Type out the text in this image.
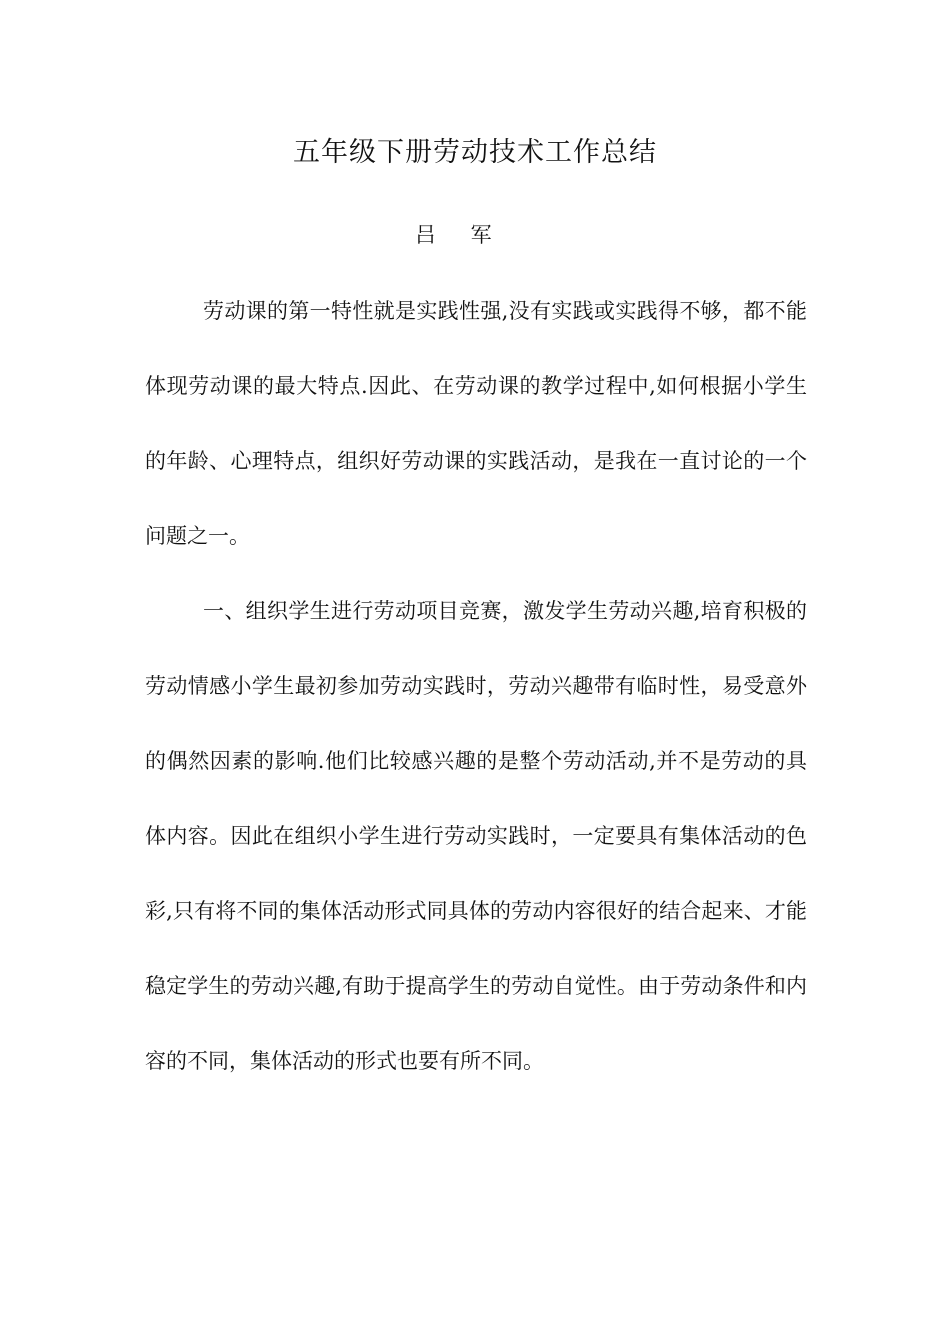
五年级下册劳动技术工作总结

吕 军

劳动课的第一特性就是实践性强,没有实践或实践得不够，都不能体现劳动课的最大特点.因此、在劳动课的教学过程中,如何根据小学生的年龄、心理特点，组织好劳动课的实践活动，是我在一直讨论的一个问题之一。

一、组织学生进行劳动项目竞赛，激发学生劳动兴趣,培育积极的劳动情感小学生最初参加劳动实践时，劳动兴趣带有临时性，易受意外的偶然因素的影响.他们比较感兴趣的是整个劳动活动,并不是劳动的具体内容。因此在组织小学生进行劳动实践时，一定要具有集体活动的色彩,只有将不同的集体活动形式同具体的劳动内容很好的结合起来、才能稳定学生的劳动兴趣,有助于提高学生的劳动自觉性。由于劳动条件和内容的不同，集体活动的形式也要有所不同。
